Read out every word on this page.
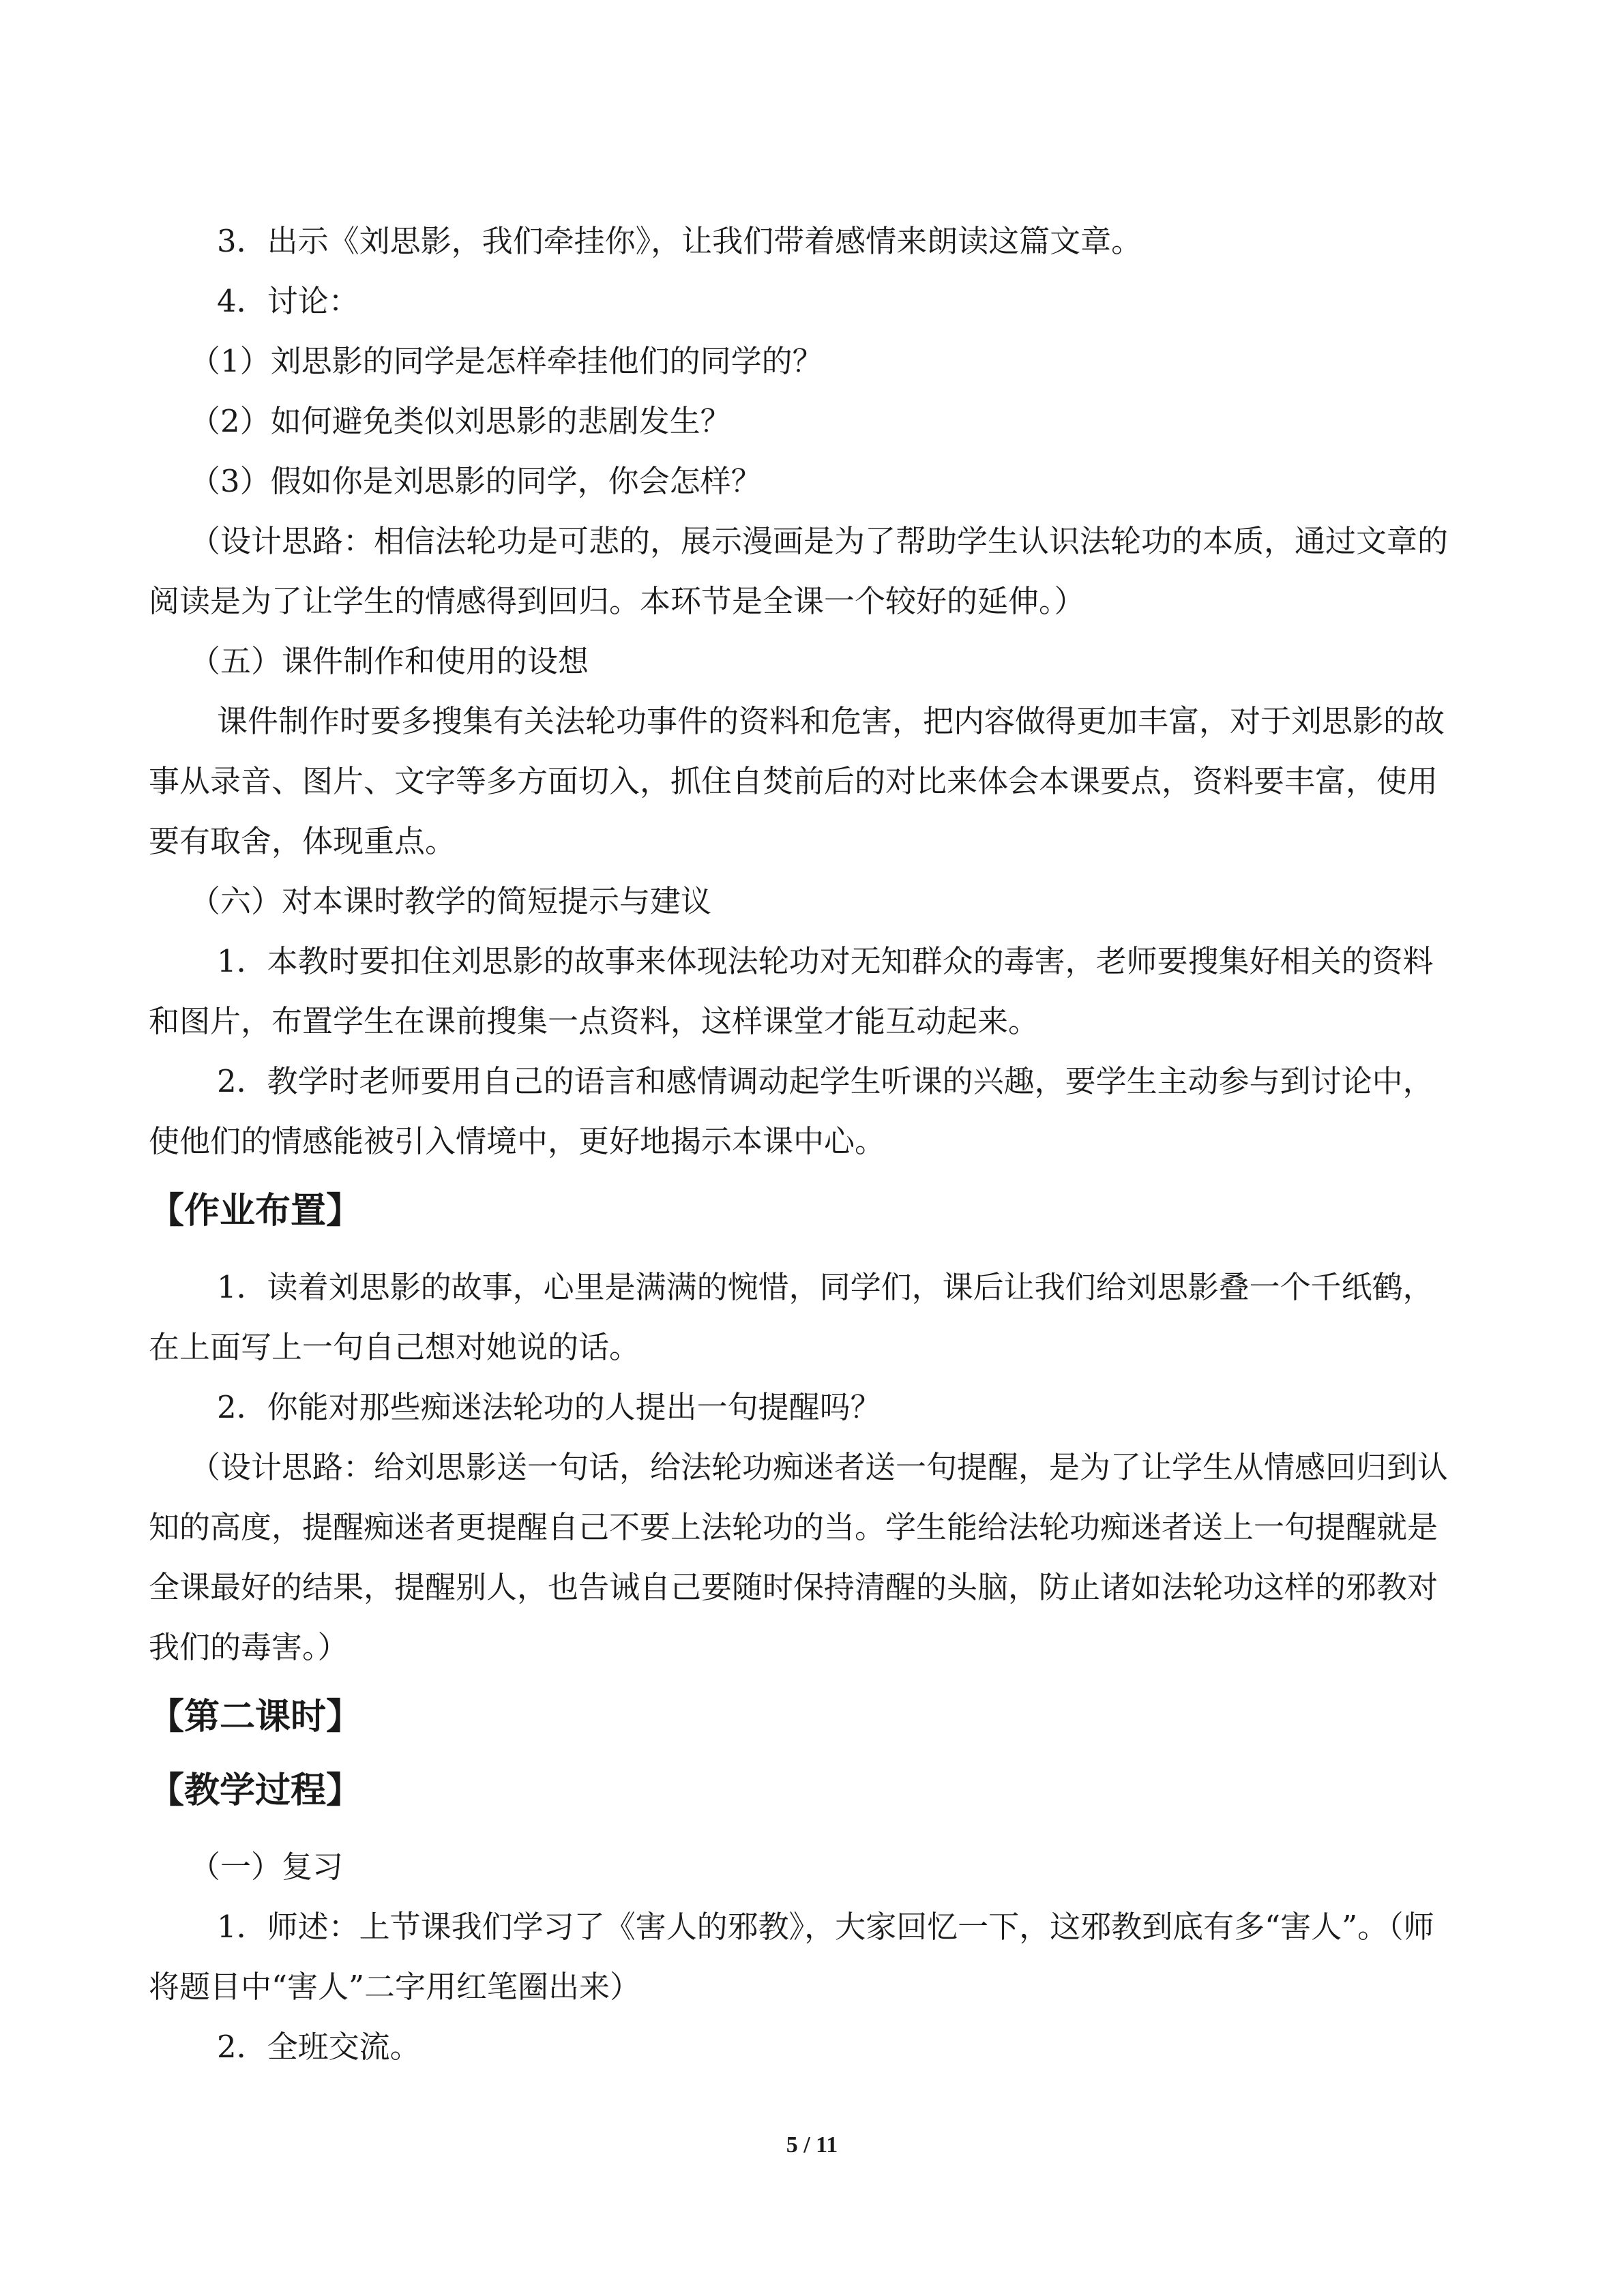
3．出示《刘思影，我们牵挂你》，让我们带着感情来朗读这篇文章。

4．讨论：

（1）刘思影的同学是怎样牵挂他们的同学的？

（2）如何避免类似刘思影的悲剧发生？

（3）假如你是刘思影的同学，你会怎样？

（设计思路：相信法轮功是可悲的，展示漫画是为了帮助学生认识法轮功的本质，通过文章的阅读是为了让学生的情感得到回归。本环节是全课一个较好的延伸。）

（五）课件制作和使用的设想

课件制作时要多搜集有关法轮功事件的资料和危害，把内容做得更加丰富，对于刘思影的故事从录音、图片、文字等多方面切入，抓住自焚前后的对比来体会本课要点，资料要丰富，使用要有取舍，体现重点。

（六）对本课时教学的简短提示与建议

1．本教时要扣住刘思影的故事来体现法轮功对无知群众的毒害，老师要搜集好相关的资料和图片，布置学生在课前搜集一点资料，这样课堂才能互动起来。

2．教学时老师要用自己的语言和感情调动起学生听课的兴趣，要学生主动参与到讨论中，使他们的情感能被引入情境中，更好地揭示本课中心。

【作业布置】

1．读着刘思影的故事，心里是满满的惋惜，同学们，课后让我们给刘思影叠一个千纸鹤，在上面写上一句自己想对她说的话。

2．你能对那些痴迷法轮功的人提出一句提醒吗？

（设计思路：给刘思影送一句话，给法轮功痴迷者送一句提醒，是为了让学生从情感回归到认知的高度，提醒痴迷者更提醒自己不要上法轮功的当。学生能给法轮功痴迷者送上一句提醒就是全课最好的结果，提醒别人，也告诫自己要随时保持清醒的头脑，防止诸如法轮功这样的邪教对我们的毒害。）

【第二课时】
【教学过程】

（一）复习

1．师述：上节课我们学习了《害人的邪教》，大家回忆一下，这邪教到底有多“害人”。（师将题目中“害人”二字用红笔圈出来）

2．全班交流。

5 / 11
